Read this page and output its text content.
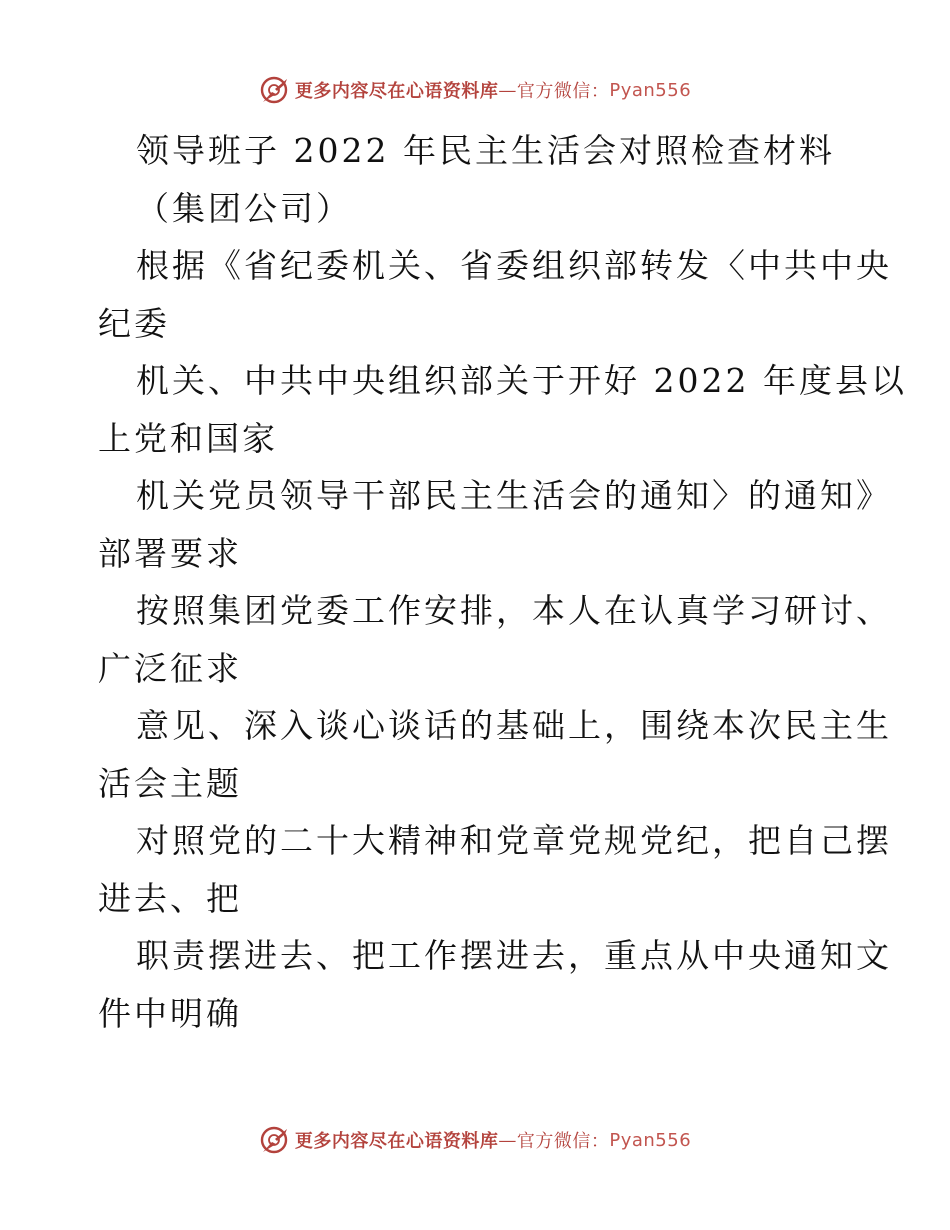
更多内容尽在心语资料库 — 官方微信： Pyan556
领导班子 2022 年民主生活会对照检查材料
（集团公司）
根据《省纪委机关、省委组织部转发〈中共中央
纪委
机关、中共中央组织部关于开好 2022 年度县以
上党和国家
机关党员领导干部民主生活会的通知〉的通知》
部署要求
按照集团党委工作安排，本人在认真学习研讨、
广泛征求
意见、深入谈心谈话的基础上，围绕本次民主生
活会主题
对照党的二十大精神和党章党规党纪，把自己摆
进去、把
职责摆进去、把工作摆进去，重点从中央通知文
件中明确
更多内容尽在心语资料库 — 官方微信： Pyan556
